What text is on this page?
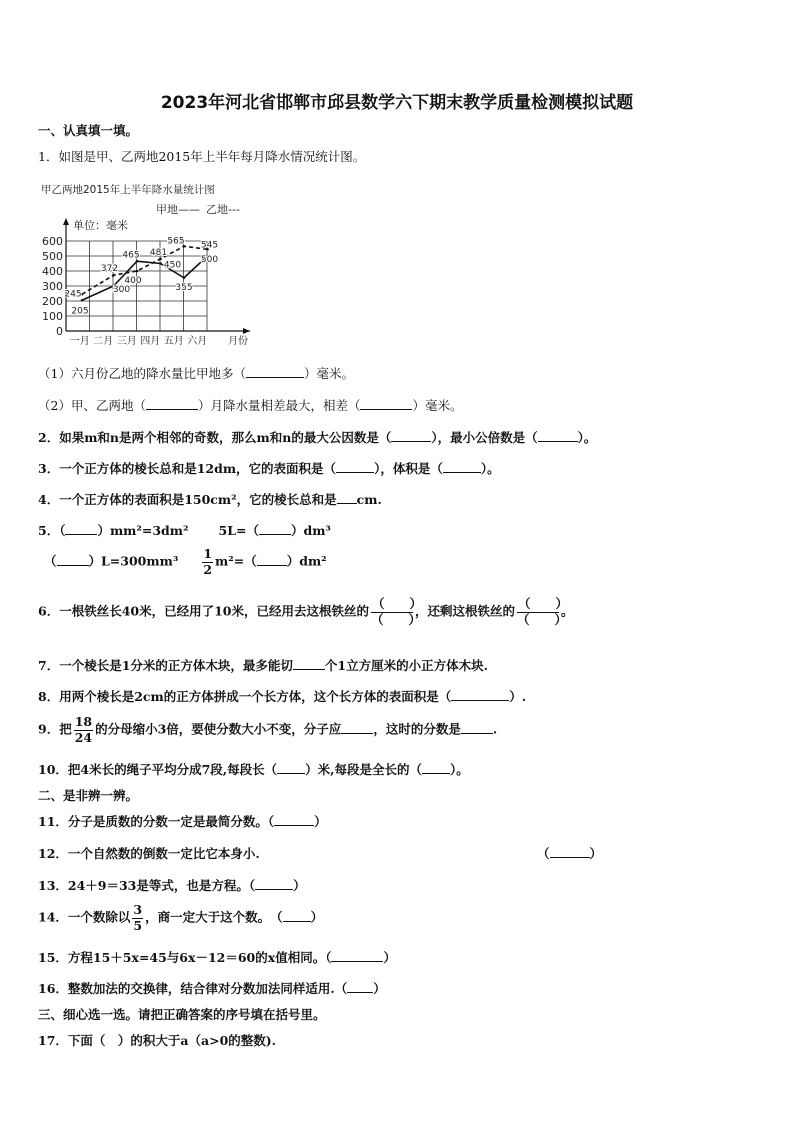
2023年河北省邯郸市邱县数学六下期末教学质量检测模拟试题
一、认真填一填。
1．如图是甲、乙两地2015年上半年每月降水情况统计图。
甲乙两地2015年上半年降水量统计图
甲地—— 乙地---
单位：毫米
0
100
200
300
400
500
600
一月 二月 三月 四月 五月 六月 月份
205
300
465
450
355
500
245
372
400
481
565 545
（1）六月份乙地的降水量比甲地多（	）毫米。
（2）甲、乙两地（	）月降水量相差最大，相差（	）毫米。
2．如果m和n是两个相邻的奇数，那么m和n的最大公因数是（	），最小公倍数是（	）。
3．一个正方体的棱长总和是12dm，它的表面积是（	），体积是（	）。
4．一个正方体的表面积是150cm²，它的棱长总和是 cm.
5．（	）mm²=3dm² 5L=（	）dm³
（	）$L=300mm^3 \frac{1}{2} m^2=$（ ）dm²
6．一根铁丝长40米，已经用了10米，已经用去这根铁丝的 $\frac{( )}{( )}$ ，还剩这根铁丝的 $\frac{( )}{( )}$ 。
7．一个棱长是1分米的正方体木块，最多能切	个1立方厘米的小正方体木块.
8．用两个棱长是2cm的正方体拼成一个长方体，这个长方体的表面积是（	）.
9．把 $\frac{18}{24}$ 的分母缩小3倍，要使分数大小不变，分子应	，这时的分数是	.
10．把4米长的绳子平均分成7段,每段长（ ）米,每段是全长的（ ）。
二、是非辨一辨。
11．分子是质数的分数一定是最简分数。（	）
12．一个自然数的倒数一定比它本身小.	（	）
13．24＋9＝33是等式，也是方程。（	）
14．一个数除以 $\frac{3}{5}$ ，商一定大于这个数。　（ ）
15．方程15＋5x=45与6x－12＝60的x值相同。（	）
16．整数加法的交换律，结合律对分数加法同样适用.（ ）
三、细心选一选。请把正确答案的序号填在括号里。
17．下面（　）的积大于a（a>0的整数).
